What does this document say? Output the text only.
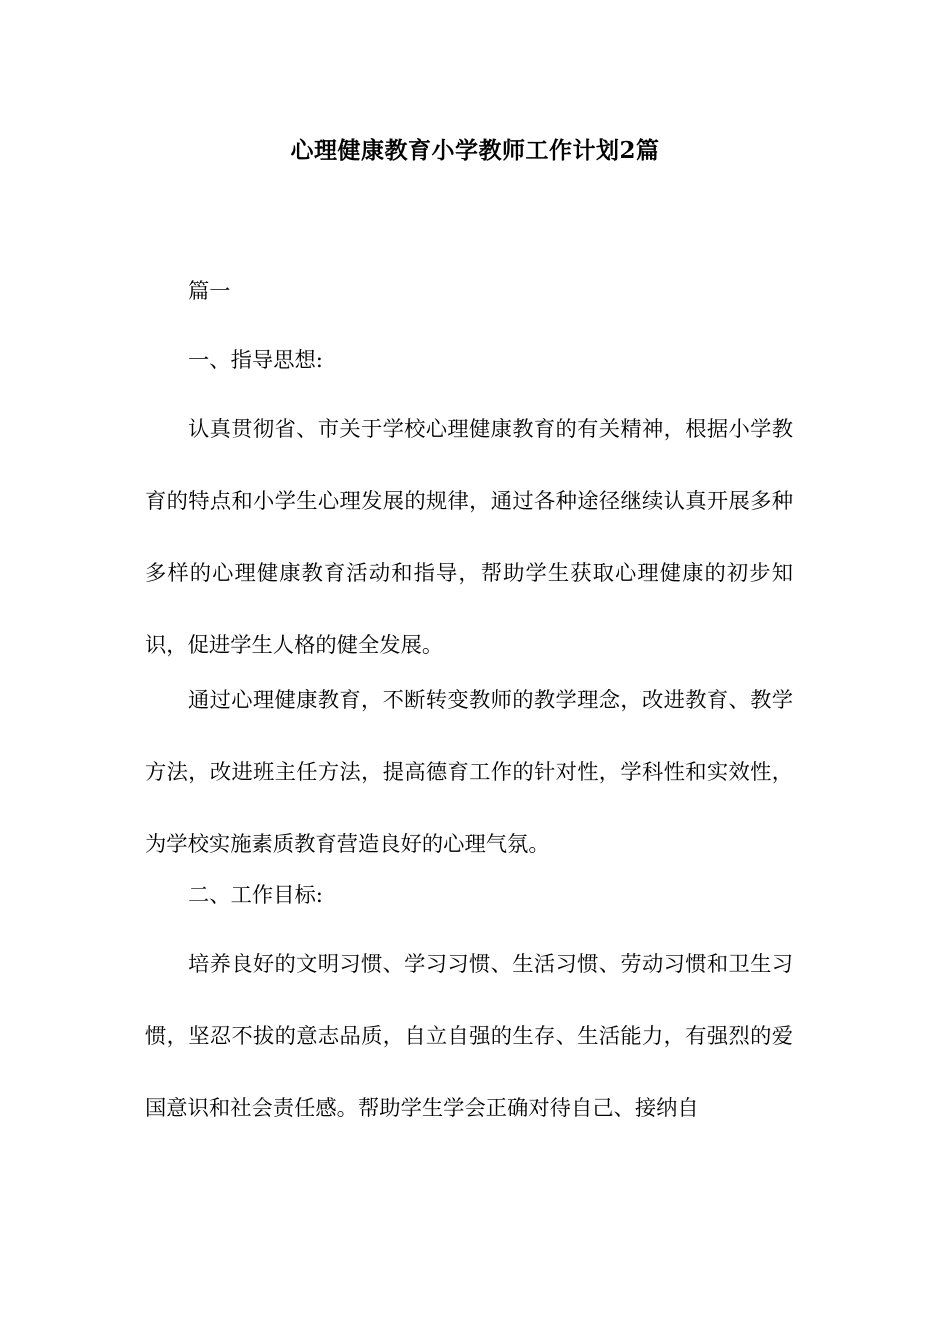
心理健康教育小学教师工作计划2篇

篇一

一、指导思想:

认真贯彻省、市关于学校心理健康教育的有关精神，根据小学教育的特点和小学生心理发展的规律，通过各种途径继续认真开展多种多样的心理健康教育活动和指导，帮助学生获取心理健康的初步知识，促进学生人格的健全发展。

通过心理健康教育，不断转变教师的教学理念，改进教育、教学方法，改进班主任方法，提高德育工作的针对性，学科性和实效性，为学校实施素质教育营造良好的心理气氛。

二、工作目标:

培养良好的文明习惯、学习习惯、生活习惯、劳动习惯和卫生习惯，坚忍不拔的意志品质，自立自强的生存、生活能力，有强烈的爱国意识和社会责任感。帮助学生学会正确对待自己、接纳自
